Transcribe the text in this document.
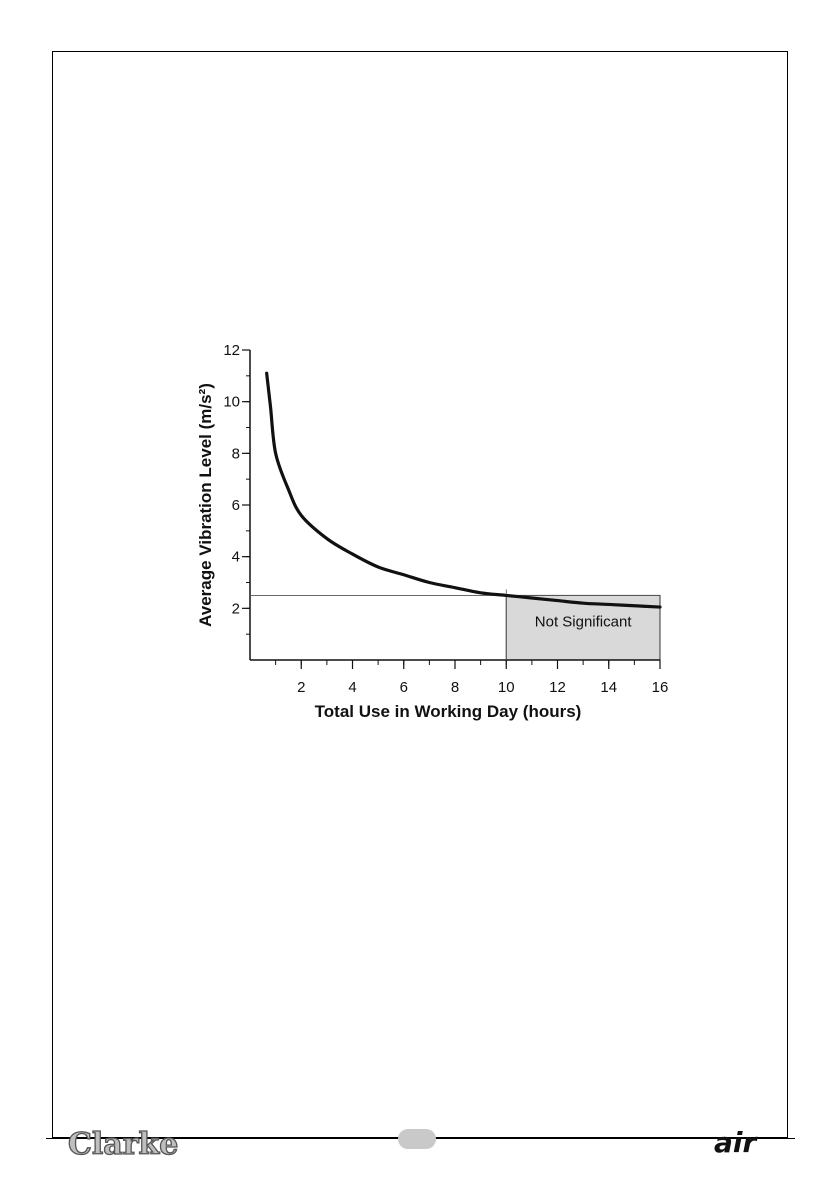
Not Significant
2	4	6	8	10 12 14 16
2
4
6
8
10
12
Total Use in Working Day (hours)
Average Vibration Level (m/s²)
Clarke	air
